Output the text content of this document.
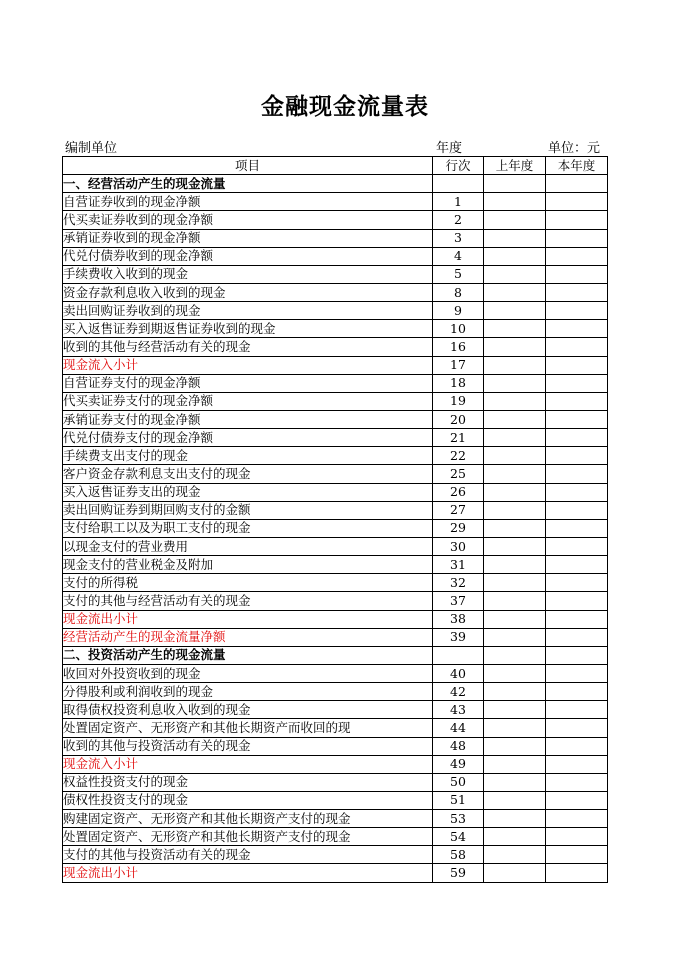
金融现金流量表
编制单位	年度	单位：元
项目	行次	上年度	本年度
一、经营活动产生的现金流量			
自营证券收到的现金净额	1		
代买卖证券收到的现金净额	2		
承销证券收到的现金净额	3		
代兑付债券收到的现金净额	4		
手续费收入收到的现金	5		
资金存款利息收入收到的现金	8		
卖出回购证券收到的现金	9		
买入返售证券到期返售证券收到的现金	10		
收到的其他与经营活动有关的现金	16		
现金流入小计	17		
自营证券支付的现金净额	18		
代买卖证券支付的现金净额	19		
承销证券支付的现金净额	20		
代兑付债券支付的现金净额	21		
手续费支出支付的现金	22		
客户资金存款利息支出支付的现金	25		
买入返售证券支出的现金	26		
卖出回购证券到期回购支付的金额	27		
支付给职工以及为职工支付的现金	29		
以现金支付的营业费用	30		
现金支付的营业税金及附加	31		
支付的所得税	32		
支付的其他与经营活动有关的现金	37		
现金流出小计	38		
经营活动产生的现金流量净额	39		
二、投资活动产生的现金流量			
收回对外投资收到的现金	40		
分得股利或利润收到的现金	42		
取得债权投资利息收入收到的现金	43		
处置固定资产、无形资产和其他长期资产而收回的现	44		
收到的其他与投资活动有关的现金	48		
现金流入小计	49		
权益性投资支付的现金	50		
债权性投资支付的现金	51		
购建固定资产、无形资产和其他长期资产支付的现金	53		
处置固定资产、无形资产和其他长期资产支付的现金	54		
支付的其他与投资活动有关的现金	58		
现金流出小计	59		
